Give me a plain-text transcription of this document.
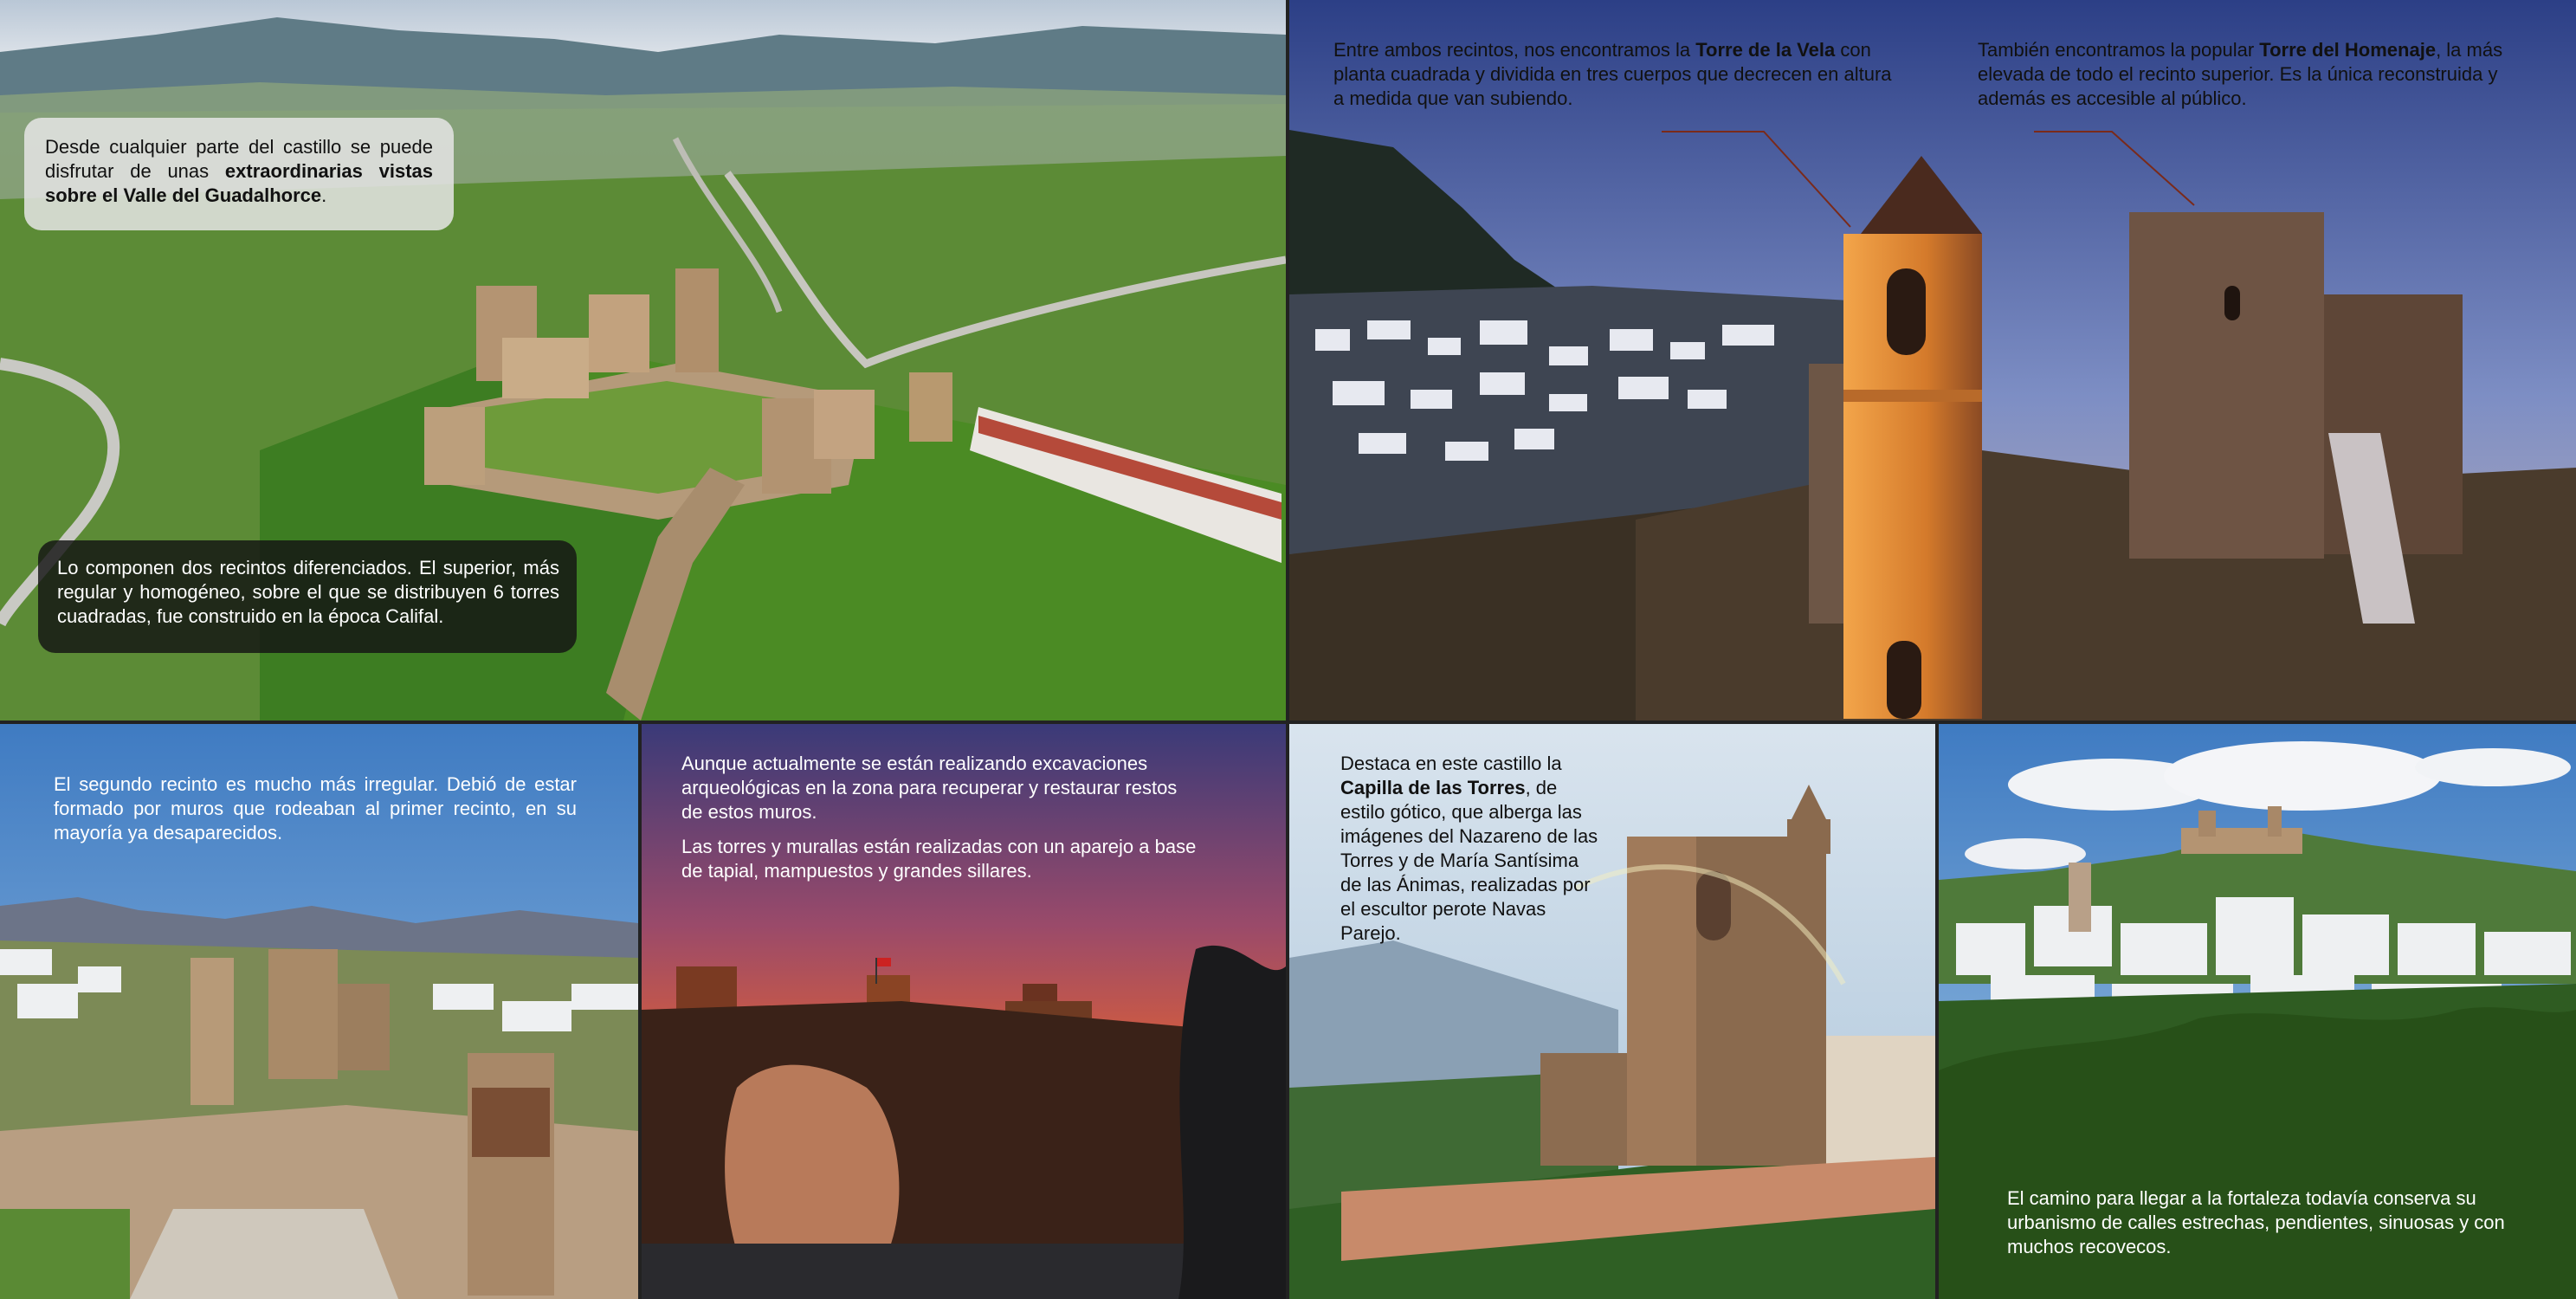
Desde cualquier parte del castillo se puede disfrutar de unas extraordinarias vistas sobre el Valle del Guadalhorce.
Lo componen dos recintos diferenciados. El superior, más regular y homogéneo, sobre el que se distribuyen 6 torres cuadradas, fue construido en la época Califal.
Entre ambos recintos, nos encontramos la Torre de la Vela con planta cuadrada y dividida en tres cuerpos que decrecen en altura a medida que van subiendo.
También encontramos la popular Torre del Homenaje, la más elevada de todo el recinto superior. Es la única reconstruida y además es accesible al público.
El segundo recinto es mucho más irregular. Debió de estar formado por muros que rodeaban al primer recinto, en su mayoría ya desaparecidos.

Aunque actualmente se están realizando excavaciones arqueológicas en la zona para recuperar y restaurar restos de estos muros.

Las torres y murallas están realizadas con un aparejo a base de tapial, mampuestos y grandes sillares.

Destaca en este castillo la Capilla de las Torres, de estilo gótico, que alberga las imágenes del Nazareno de las Torres y de María Santísima de las Ánimas, realizadas por el escultor perote Navas Parejo.
El camino para llegar a la fortaleza todavía conserva su urbanismo de calles estrechas, pendientes, sinuosas y con muchos recovecos.
